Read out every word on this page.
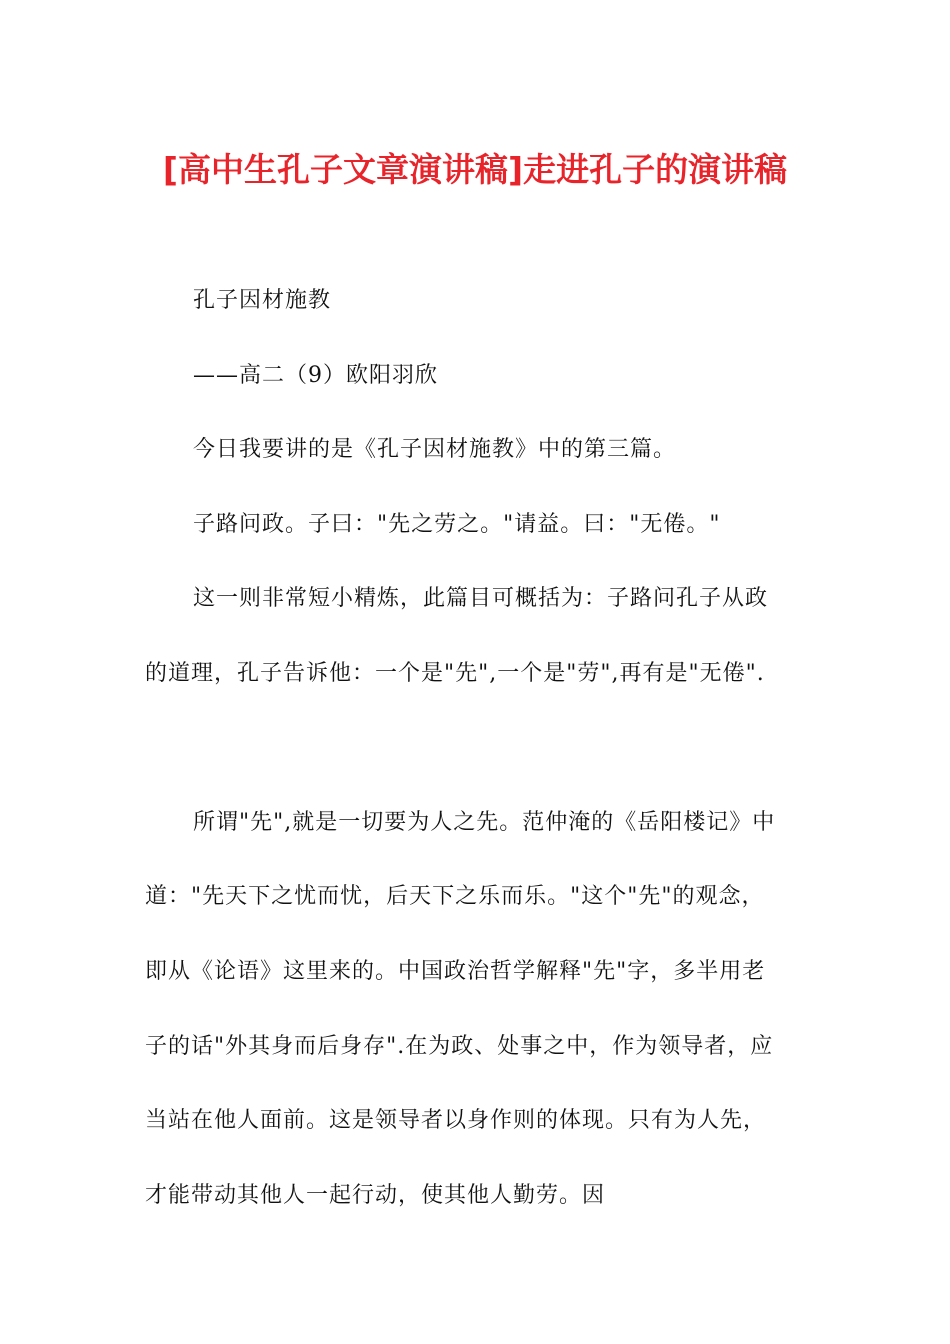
[高中生孔子文章演讲稿]走进孔子的演讲稿
孔子因材施教
——高二（9）欧阳羽欣
今日我要讲的是《孔子因材施教》中的第三篇。
子路问政。子曰："先之劳之。"请益。曰："无倦。"
这一则非常短小精炼，此篇目可概括为：子路问孔子从政
的道理，孔子告诉他：一个是"先",一个是"劳",再有是"无倦".
所谓"先",就是一切要为人之先。范仲淹的《岳阳楼记》中
道："先天下之忧而忧，后天下之乐而乐。"这个"先"的观念，
即从《论语》这里来的。中国政治哲学解释"先"字，多半用老
子的话"外其身而后身存".在为政、处事之中，作为领导者，应
当站在他人面前。这是领导者以身作则的体现。只有为人先，
才能带动其他人一起行动，使其他人勤劳。因
